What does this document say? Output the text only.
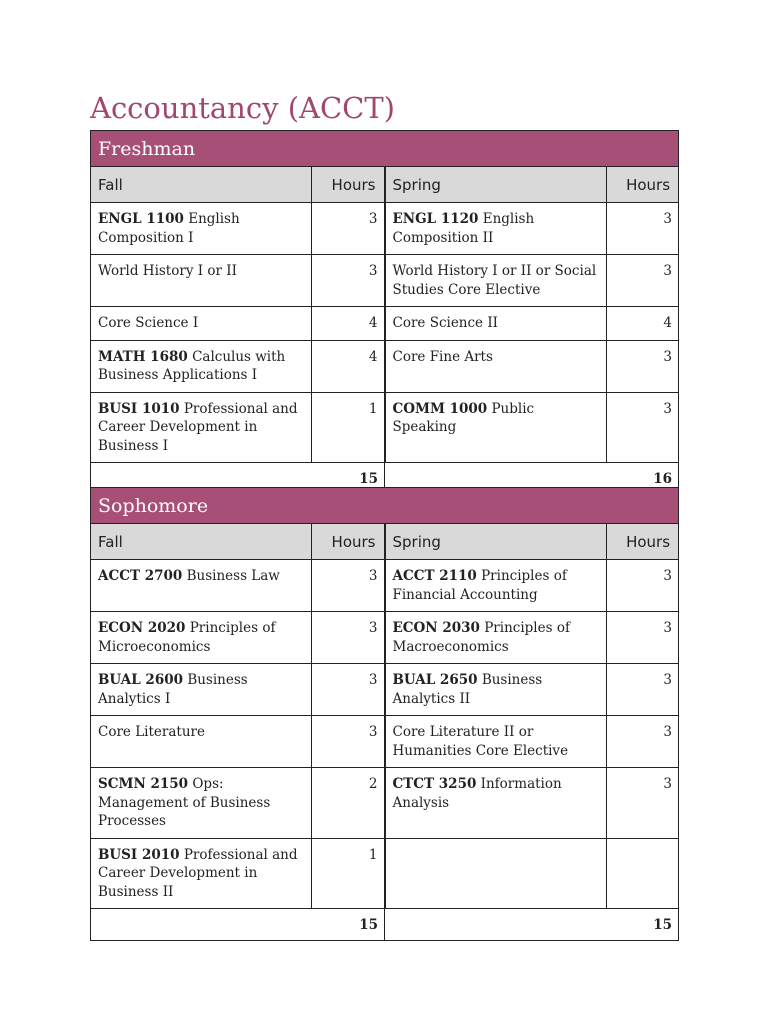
Accountancy (ACCT)
Freshman			
Fall	Hours	Spring	Hours
ENGL 1100 English Composition I	3	ENGL 1120 English Composition II	3
World History I or II	3	World History I or II or Social Studies Core Elective	3
Core Science I	4	Core Science II	4
MATH 1680 Calculus with Business Applications I	4	Core Fine Arts	3
BUSI 1010 Professional and Career Development in Business I	1	COMM 1000 Public Speaking	3
15		16	
Sophomore			
Fall	Hours	Spring	Hours
ACCT 2700 Business Law	3	ACCT 2110 Principles of Financial Accounting	3
ECON 2020 Principles of Microeconomics	3	ECON 2030 Principles of Macroeconomics	3
BUAL 2600 Business Analytics I	3	BUAL 2650 Business Analytics II	3
Core Literature	3	Core Literature II or Humanities Core Elective	3
SCMN 2150 Ops: Management of Business Processes	2	CTCT 3250 Information Analysis	3
BUSI 2010 Professional and Career Development in Business II	1		
15		15	
